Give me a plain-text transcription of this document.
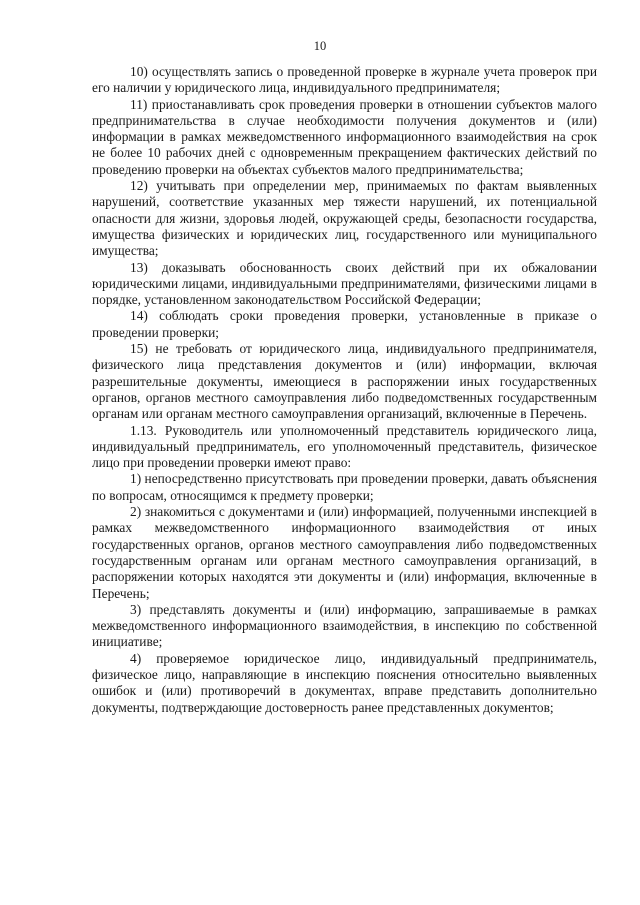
10

10) осуществлять запись о проведенной проверке в журнале учета проверок при его наличии у юридического лица, индивидуального предпринимателя;

11) приостанавливать срок проведения проверки в отношении субъектов малого предпринимательства в случае необходимости получения документов и (или) информации в рамках межведомственного информационного взаимодействия на срок не более 10 рабочих дней с одновременным прекращением фактических действий по проведению проверки на объектах субъектов малого предпринимательства;

12) учитывать при определении мер, принимаемых по фактам выявленных нарушений, соответствие указанных мер тяжести нарушений, их потенциальной опасности для жизни, здоровья людей, окружающей среды, безопасности государства, имущества физических и юридических лиц, государственного или муниципального имущества;

13) доказывать обоснованность своих действий при их обжаловании юридическими лицами, индивидуальными предпринимателями, физическими лицами в порядке, установленном законодательством Российской Федерации;

14) соблюдать сроки проведения проверки, установленные в приказе о проведении проверки;

15) не требовать от юридического лица, индивидуального предпринимателя, физического лица представления документов и (или) информации, включая разрешительные документы, имеющиеся в распоряжении иных государственных органов, органов местного самоуправления либо подведомственных государственным органам или органам местного самоуправления организаций, включенные в Перечень.

1.13. Руководитель или уполномоченный представитель юридического лица, индивидуальный предприниматель, его уполномоченный представитель, физическое лицо при проведении проверки имеют право:

1) непосредственно присутствовать при проведении проверки, давать объяснения по вопросам, относящимся к предмету проверки;

2) знакомиться с документами и (или) информацией, полученными инспекцией в рамках межведомственного информационного взаимодействия от иных государственных органов, органов местного самоуправления либо подведомственных государственным органам или органам местного самоуправления организаций, в распоряжении которых находятся эти документы и (или) информация, включенные в Перечень;

3) представлять документы и (или) информацию, запрашиваемые в рамках межведомственного информационного взаимодействия, в инспекцию по собственной инициативе;

4) проверяемое юридическое лицо, индивидуальный предприниматель, физическое лицо, направляющие в инспекцию пояснения относительно выявленных ошибок и (или) противоречий в документах, вправе представить дополнительно документы, подтверждающие достоверность ранее представленных документов;
